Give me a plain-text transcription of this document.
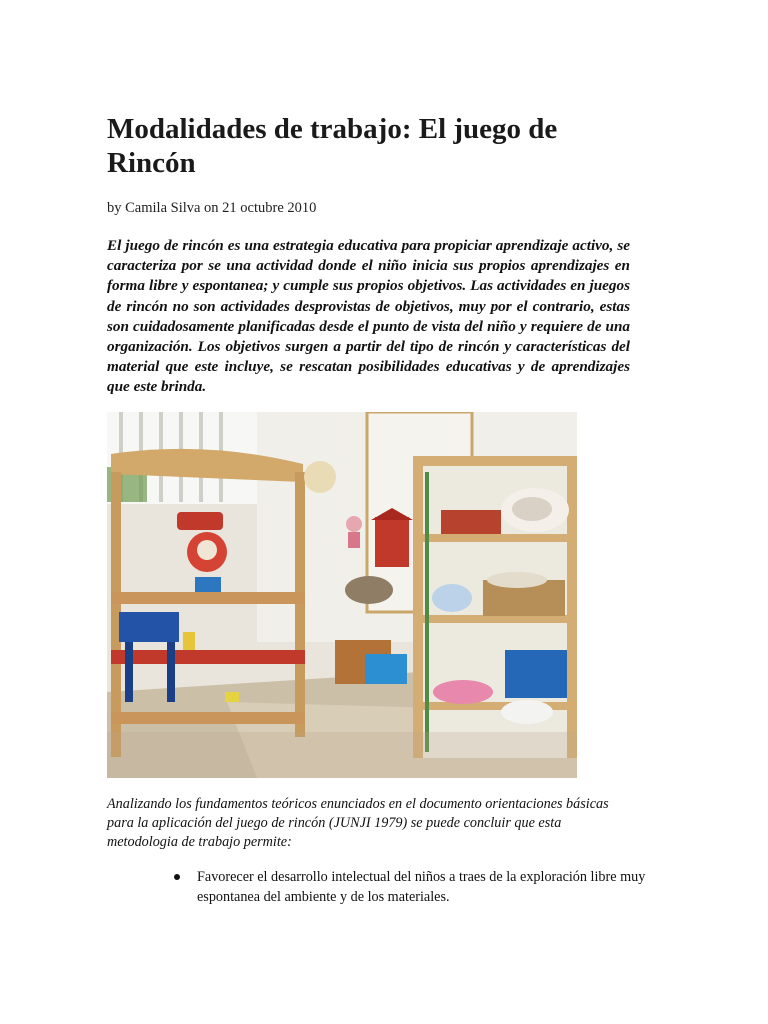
Modalidades de trabajo: El juego de Rincón
by Camila Silva on 21 octubre 2010

El juego de rincón es una estrategia educativa para propiciar aprendizaje activo, se caracteriza por se una actividad donde el niño inicia sus propios aprendizajes en forma libre y espontanea; y cumple sus propios objetivos. Las actividades en juegos de rincón no son actividades desprovistas de objetivos, muy por el contrario, estas son cuidadosamente planificadas desde el punto de vista del niño y requiere de una organización. Los objetivos surgen a partir del tipo de rincón y características del material que este incluye, se rescatan posibilidades educativas y de aprendizajes que este brinda.

Analizando los fundamentos teóricos enunciados en el documento orientaciones básicas para la aplicación del juego de rincón (JUNJI 1979) se puede concluir que esta metodologia de trabajo permite:

Favorecer el desarrollo intelectual del niños a traes de la exploración libre muy espontanea del ambiente y de los materiales.
